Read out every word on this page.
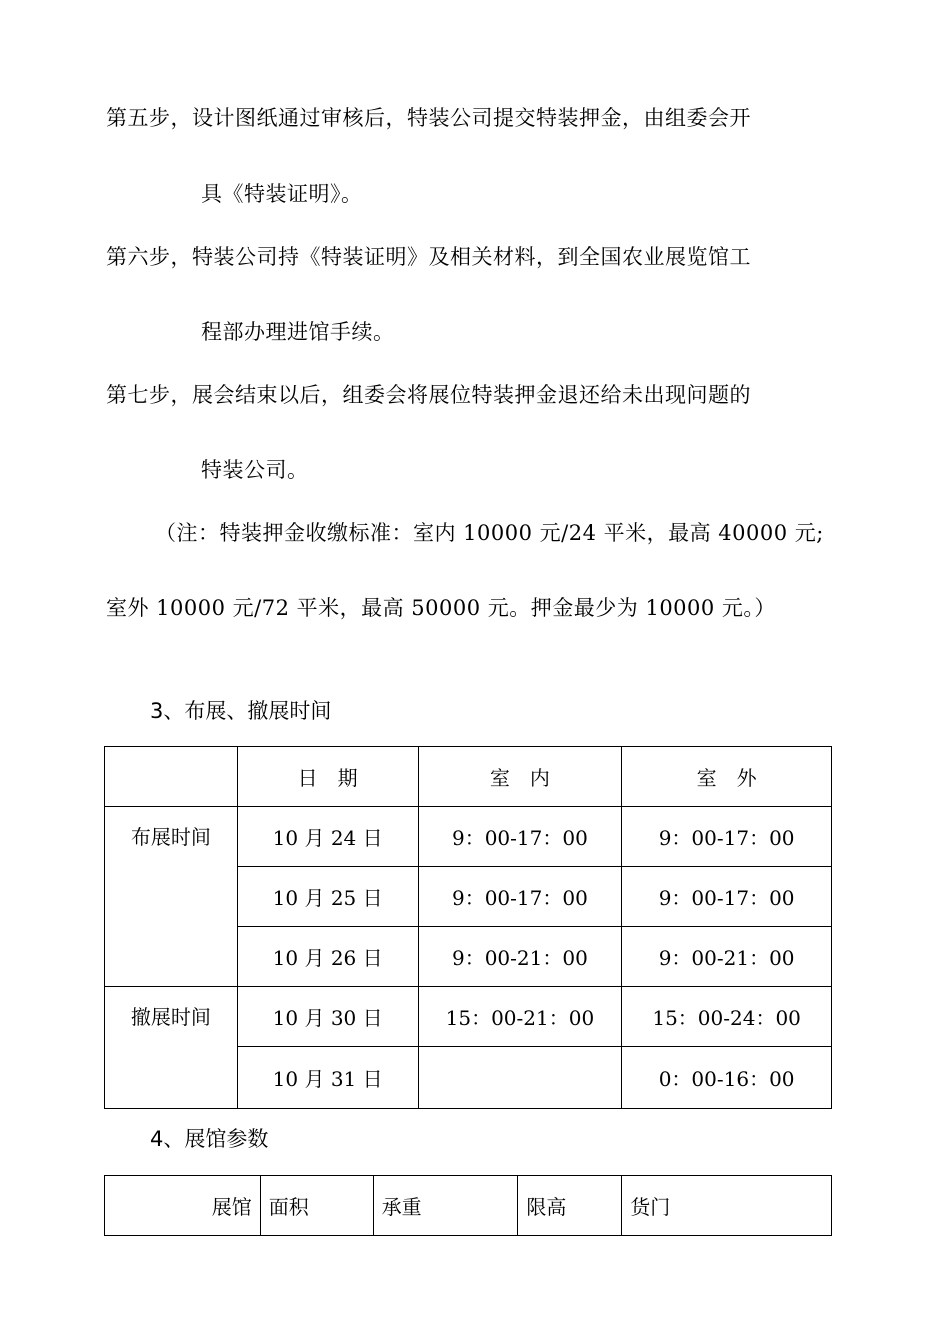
第五步，设计图纸通过审核后，特装公司提交特装押金，由组委会开
具《特装证明》。
第六步，特装公司持《特装证明》及相关材料，到全国农业展览馆工
程部办理进馆手续。
第七步，展会结束以后，组委会将展位特装押金退还给未出现问题的
特装公司。
（注：特装押金收缴标准：室内 10000 元/24 平米，最高 40000 元;
室外 10000 元/72 平米，最高 50000 元。押金最少为 10000 元。）
3、布展、撤展时间
	日　期	室　内	室　外
布展时间	10 月 24 日	9：00-17：00	9：00-17：00
	10 月 25 日	9：00-17：00	9：00-17：00
	10 月 26 日	9：00-21：00	9：00-21：00
撤展时间	10 月 30 日	15：00-21：00	15：00-24：00
	10 月 31 日		0：00-16：00
4、展馆参数
展馆	面积	承重	限高	货门
